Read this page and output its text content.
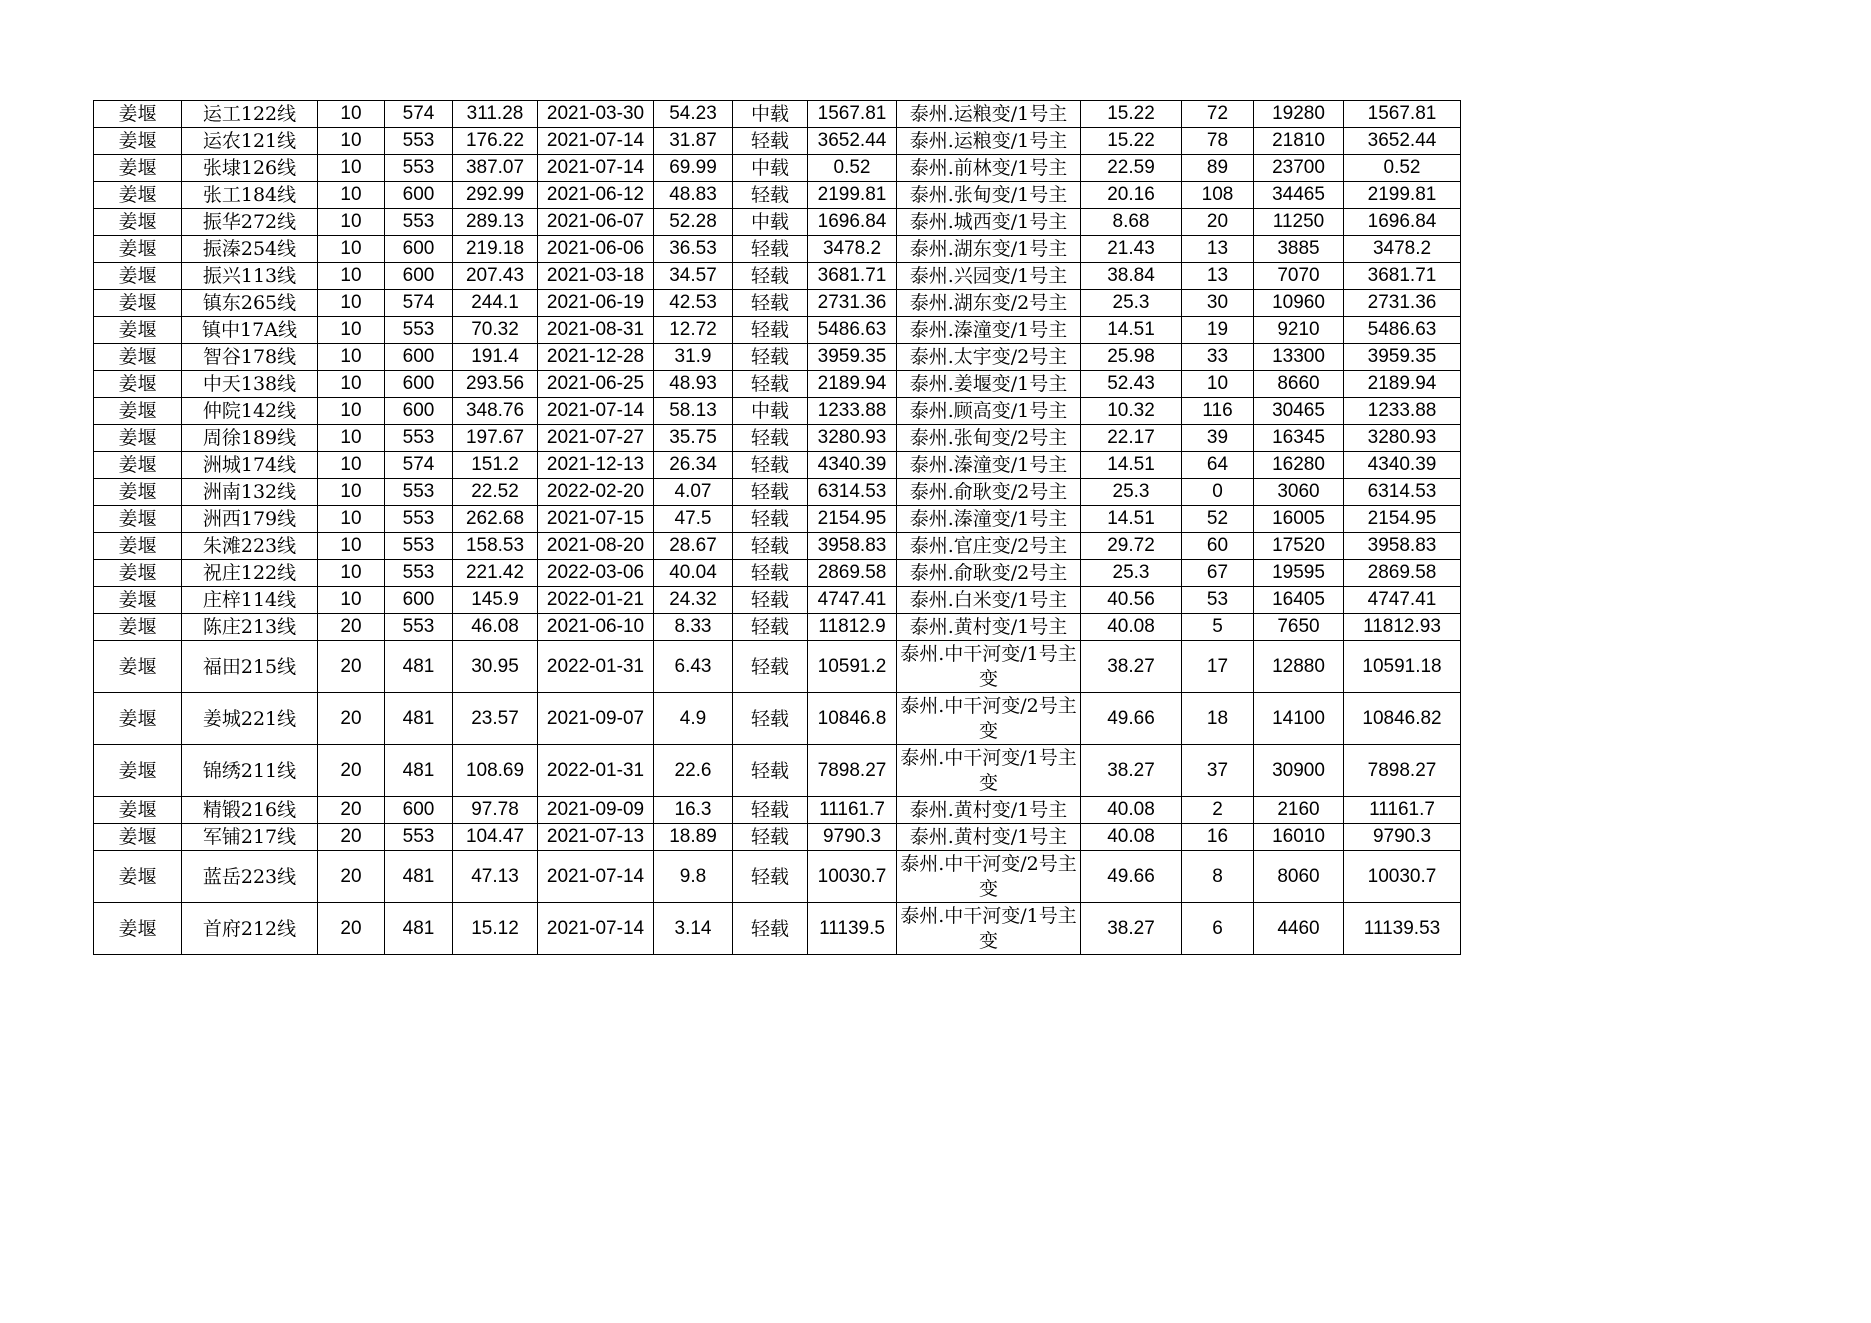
姜堰	运工122线	10	574	311.28	2021-03-30	54.23	中载	1567.81	泰州.运粮变/1号主	15.22	72	19280	1567.81
姜堰	运农121线	10	553	176.22	2021-07-14	31.87	轻载	3652.44	泰州.运粮变/1号主	15.22	78	21810	3652.44
姜堰	张埭126线	10	553	387.07	2021-07-14	69.99	中载	0.52	泰州.前林变/1号主	22.59	89	23700	0.52
姜堰	张工184线	10	600	292.99	2021-06-12	48.83	轻载	2199.81	泰州.张甸变/1号主	20.16	108	34465	2199.81
姜堰	振华272线	10	553	289.13	2021-06-07	52.28	中载	1696.84	泰州.城西变/1号主	8.68	20	11250	1696.84
姜堰	振溱254线	10	600	219.18	2021-06-06	36.53	轻载	3478.2	泰州.湖东变/1号主	21.43	13	3885	3478.2
姜堰	振兴113线	10	600	207.43	2021-03-18	34.57	轻载	3681.71	泰州.兴园变/1号主	38.84	13	7070	3681.71
姜堰	镇东265线	10	574	244.1	2021-06-19	42.53	轻载	2731.36	泰州.湖东变/2号主	25.3	30	10960	2731.36
姜堰	镇中17A线	10	553	70.32	2021-08-31	12.72	轻载	5486.63	泰州.溱潼变/1号主	14.51	19	9210	5486.63
姜堰	智谷178线	10	600	191.4	2021-12-28	31.9	轻载	3959.35	泰州.太宇变/2号主	25.98	33	13300	3959.35
姜堰	中天138线	10	600	293.56	2021-06-25	48.93	轻载	2189.94	泰州.姜堰变/1号主	52.43	10	8660	2189.94
姜堰	仲院142线	10	600	348.76	2021-07-14	58.13	中载	1233.88	泰州.顾高变/1号主	10.32	116	30465	1233.88
姜堰	周徐189线	10	553	197.67	2021-07-27	35.75	轻载	3280.93	泰州.张甸变/2号主	22.17	39	16345	3280.93
姜堰	洲城174线	10	574	151.2	2021-12-13	26.34	轻载	4340.39	泰州.溱潼变/1号主	14.51	64	16280	4340.39
姜堰	洲南132线	10	553	22.52	2022-02-20	4.07	轻载	6314.53	泰州.俞耿变/2号主	25.3	0	3060	6314.53
姜堰	洲西179线	10	553	262.68	2021-07-15	47.5	轻载	2154.95	泰州.溱潼变/1号主	14.51	52	16005	2154.95
姜堰	朱滩223线	10	553	158.53	2021-08-20	28.67	轻载	3958.83	泰州.官庄变/2号主	29.72	60	17520	3958.83
姜堰	祝庄122线	10	553	221.42	2022-03-06	40.04	轻载	2869.58	泰州.俞耿变/2号主	25.3	67	19595	2869.58
姜堰	庄梓114线	10	600	145.9	2022-01-21	24.32	轻载	4747.41	泰州.白米变/1号主	40.56	53	16405	4747.41
姜堰	陈庄213线	20	553	46.08	2021-06-10	8.33	轻载	11812.9	泰州.黄村变/1号主	40.08	5	7650	11812.93
姜堰	福田215线	20	481	30.95	2022-01-31	6.43	轻载	10591.2	泰州.中干河变/1号主变	38.27	17	12880	10591.18
姜堰	姜城221线	20	481	23.57	2021-09-07	4.9	轻载	10846.8	泰州.中干河变/2号主变	49.66	18	14100	10846.82
姜堰	锦绣211线	20	481	108.69	2022-01-31	22.6	轻载	7898.27	泰州.中干河变/1号主变	38.27	37	30900	7898.27
姜堰	精锻216线	20	600	97.78	2021-09-09	16.3	轻载	11161.7	泰州.黄村变/1号主	40.08	2	2160	11161.7
姜堰	军铺217线	20	553	104.47	2021-07-13	18.89	轻载	9790.3	泰州.黄村变/1号主	40.08	16	16010	9790.3
姜堰	蓝岳223线	20	481	47.13	2021-07-14	9.8	轻载	10030.7	泰州.中干河变/2号主变	49.66	8	8060	10030.7
姜堰	首府212线	20	481	15.12	2021-07-14	3.14	轻载	11139.5	泰州.中干河变/1号主变	38.27	6	4460	11139.53
